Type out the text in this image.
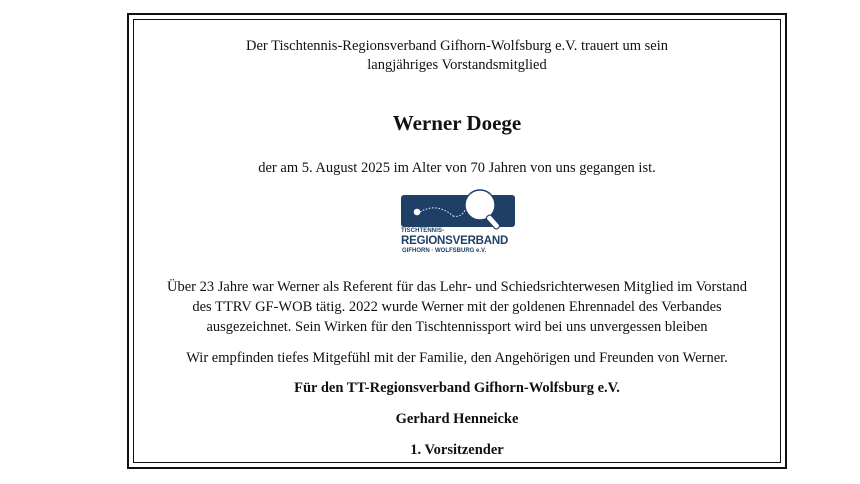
Der Tischtennis-Regionsverband Gifhorn-Wolfsburg e.V. trauert um sein
langjähriges Vorstandsmitglied
Werner Doege
der am 5. August 2025 im Alter von 70 Jahren von uns gegangen ist.
TISCHTENNIS-
REGIONSVERBAND
GIFHORN · WOLFSBURG e.V.
Über 23 Jahre war Werner als Referent für das Lehr- und Schiedsrichterwesen Mitglied im Vorstand
des TTRV GF-WOB tätig. 2022 wurde Werner mit der goldenen Ehrennadel des Verbandes
ausgezeichnet. Sein Wirken für den Tischtennissport wird bei uns unvergessen bleiben
Wir empfinden tiefes Mitgefühl mit der Familie, den Angehörigen und Freunden von Werner.
Für den TT-Regionsverband Gifhorn-Wolfsburg e.V.
Gerhard Henneicke
1. Vorsitzender
